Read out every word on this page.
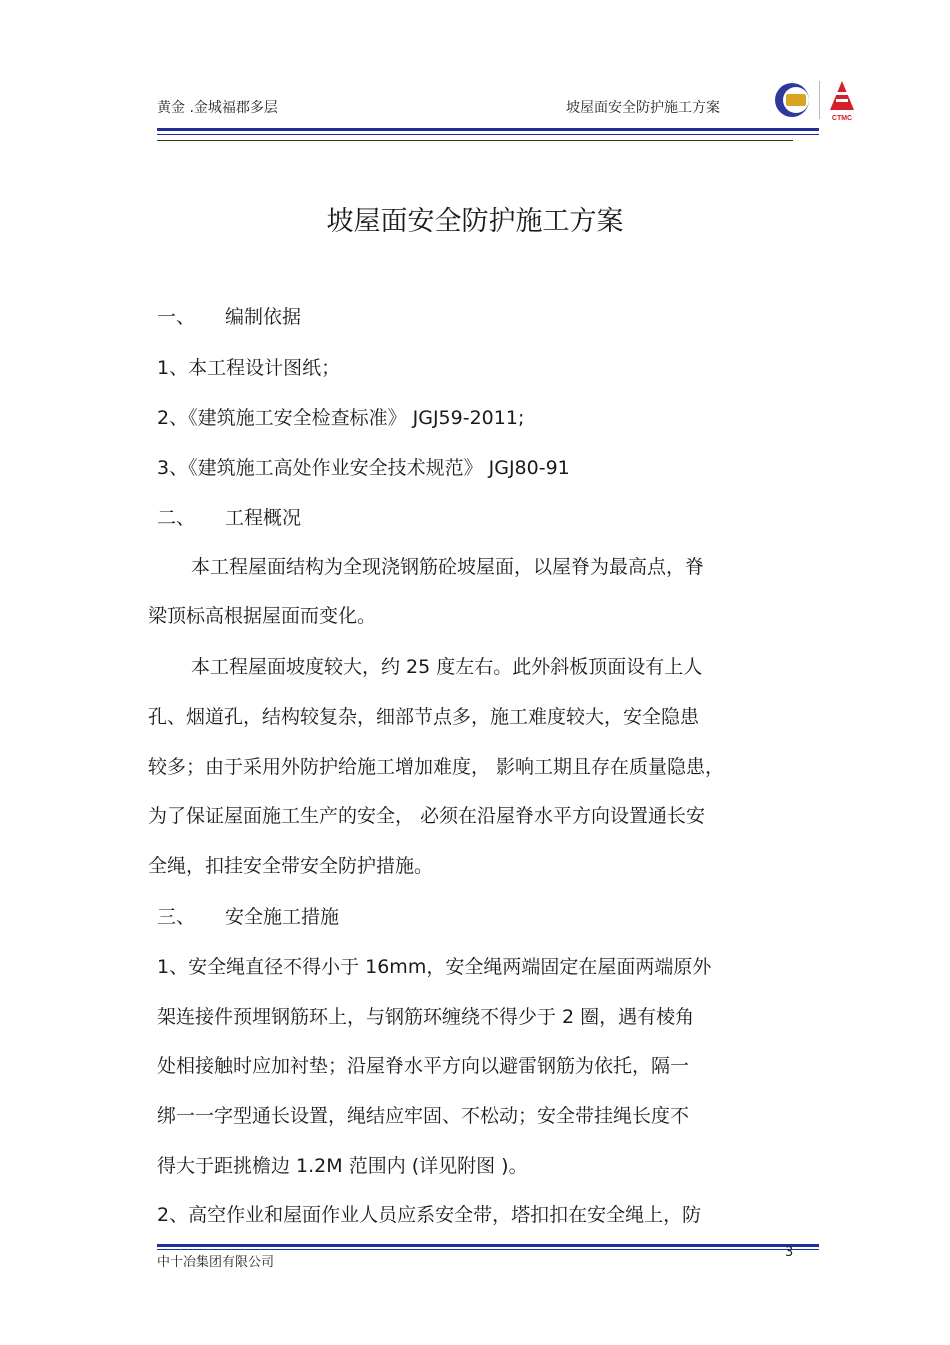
黄金 .金城福郡多层	坡屋面安全防护施工方案
CTMC
坡屋面安全防护施工方案
一、 编制依据
1、本工程设计图纸；
2、《建筑施工安全检查标准》 JGJ59-2011;
3、《建筑施工高处作业安全技术规范》 JGJ80-91
二、 工程概况
本工程屋面结构为全现浇钢筋砼坡屋面，以屋脊为最高点，脊
梁顶标高根据屋面而变化。
本工程屋面坡度较大，约 25 度左右。此外斜板顶面设有上人
孔、烟道孔，结构较复杂，细部节点多，施工难度较大，安全隐患
较多；由于采用外防护给施工增加难度， 影响工期且存在质量隐患，
为了保证屋面施工生产的安全， 必须在沿屋脊水平方向设置通长安
全绳，扣挂安全带安全防护措施。
三、 安全施工措施
1、安全绳直径不得小于 16mm，安全绳两端固定在屋面两端原外
架连接件预埋钢筋环上，与钢筋环缠绕不得少于 2 圈，遇有棱角
处相接触时应加衬垫；沿屋脊水平方向以避雷钢筋为依托，隔一
绑一一字型通长设置，绳结应牢固、不松动；安全带挂绳长度不
得大于距挑檐边 1.2M 范围内 (详见附图 )。
2、高空作业和屋面作业人员应系安全带，塔扣扣在安全绳上，防
中十冶集团有限公司
3
